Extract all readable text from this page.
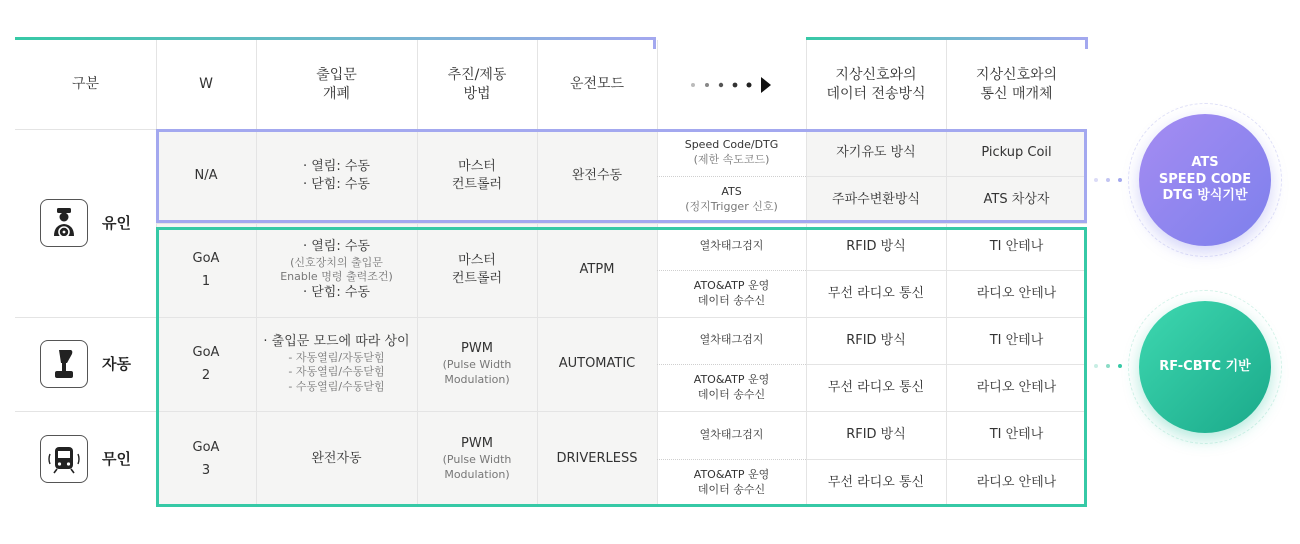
구분	W
출입문
개폐
추진/제동
방법
운전모드
지상신호와의
데이터 전송방식
지상신호와의
통신 매개체
유인
자동
무인
N/A
· 열림: 수동
· 닫힘: 수동
마스터
컨트롤러
완전수동
Speed Code/DTG
(제한 속도코드)
ATS
(정지Trigger 신호)
자기유도 방식
주파수변환방식
Pickup Coil
ATS 차상자
GoA
1
· 열림: 수동
(신호장치의 출입문
Enable 명령 출력조건)
· 닫힘: 수동
마스터
컨트롤러
ATPM
열차태그검지
ATO&ATP 운영
데이터 송수신
RFID 방식
무선 라디오 통신
TI 안테나
라디오 안테나
GoA
2
· 출입문 모드에 따라 상이
- 자동열림/자동닫힘
- 자동열림/수동닫힘
- 수동열림/수동닫힘
PWM
(Pulse Width
Modulation)
AUTOMATIC
열차태그검지
ATO&ATP 운영
데이터 송수신
RFID 방식
무선 라디오 통신
TI 안테나
라디오 안테나
GoA
3
완전자동
PWM
(Pulse Width
Modulation)
DRIVERLESS
열차태그검지
ATO&ATP 운영
데이터 송수신
RFID 방식
무선 라디오 통신
TI 안테나
라디오 안테나
ATS
SPEED CODE
DTG 방식기반
RF-CBTC 기반
